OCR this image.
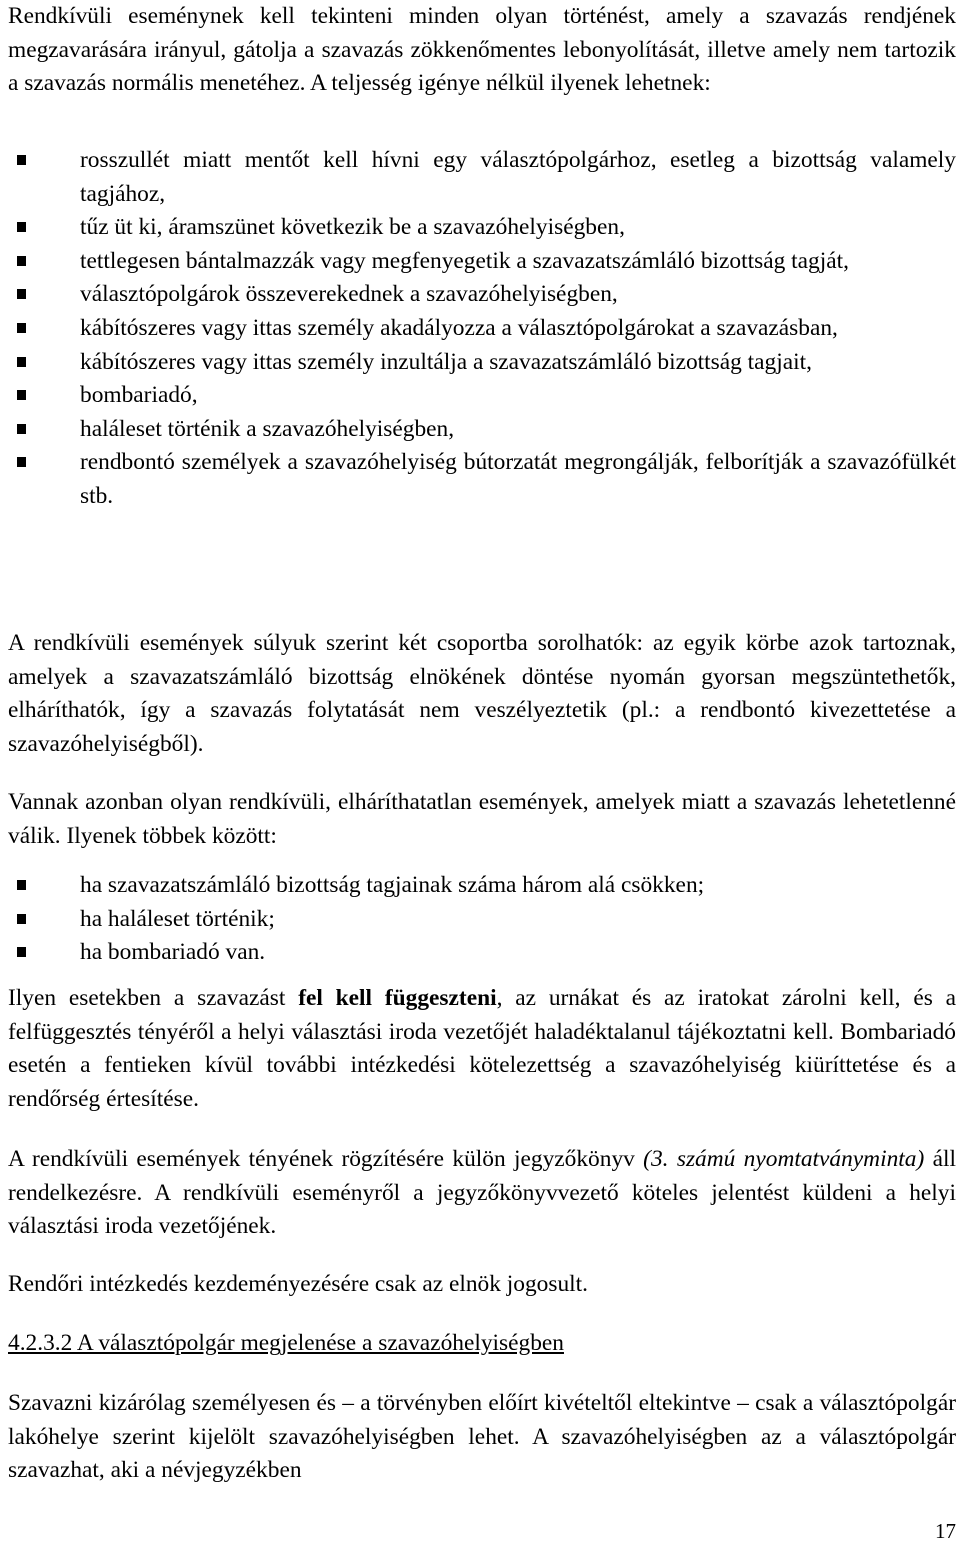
Rendkívüli eseménynek kell tekinteni minden olyan történést, amely a szavazás rendjének megzavarására irányul, gátolja a szavazás zökkenőmentes lebonyolítását, illetve amely nem tartozik a szavazás normális menetéhez. A teljesség igénye nélkül ilyenek lehetnek:

rosszullét miatt mentőt kell hívni egy választópolgárhoz, esetleg a bizottság valamely tagjához,
tűz üt ki, áramszünet következik be a szavazóhelyiségben,
tettlegesen bántalmazzák vagy megfenyegetik a szavazatszámláló bizottság tagját,
választópolgárok összeverekednek a szavazóhelyiségben,
kábítószeres vagy ittas személy akadályozza a választópolgárokat a szavazásban,
kábítószeres vagy ittas személy inzultálja a szavazatszámláló bizottság tagjait,
bombariadó,
haláleset történik a szavazóhelyiségben,
rendbontó személyek a szavazóhelyiség bútorzatát megrongálják, felborítják a szavazófülkét stb.

A rendkívüli események súlyuk szerint két csoportba sorolhatók: az egyik körbe azok tartoznak, amelyek a szavazatszámláló bizottság elnökének döntése nyomán gyorsan megszüntethetők, elháríthatók, így a szavazás folytatását nem veszélyeztetik (pl.: a rendbontó kivezettetése a szavazóhelyiségből).

Vannak azonban olyan rendkívüli, elháríthatatlan események, amelyek miatt a szavazás lehetetlenné válik. Ilyenek többek között:

ha szavazatszámláló bizottság tagjainak száma három alá csökken;
ha haláleset történik;
ha bombariadó van.

Ilyen esetekben a szavazást fel kell függeszteni, az urnákat és az iratokat zárolni kell, és a felfüggesztés tényéről a helyi választási iroda vezetőjét haladéktalanul tájékoztatni kell. Bombariadó esetén a fentieken kívül további intézkedési kötelezettség a szavazóhelyiség kiüríttetése és a rendőrség értesítése.

A rendkívüli események tényének rögzítésére külön jegyzőkönyv (3. számú nyomtatványminta) áll rendelkezésre. A rendkívüli eseményről a jegyzőkönyvvezető köteles jelentést küldeni a helyi választási iroda vezetőjének.

Rendőri intézkedés kezdeményezésére csak az elnök jogosult.

4.2.3.2 A választópolgár megjelenése a szavazóhelyiségben

Szavazni kizárólag személyesen és – a törvényben előírt kivételtől eltekintve – csak a választópolgár lakóhelye szerint kijelölt szavazóhelyiségben lehet. A szavazóhelyiségben az a választópolgár szavazhat, aki a névjegyzékben

17
